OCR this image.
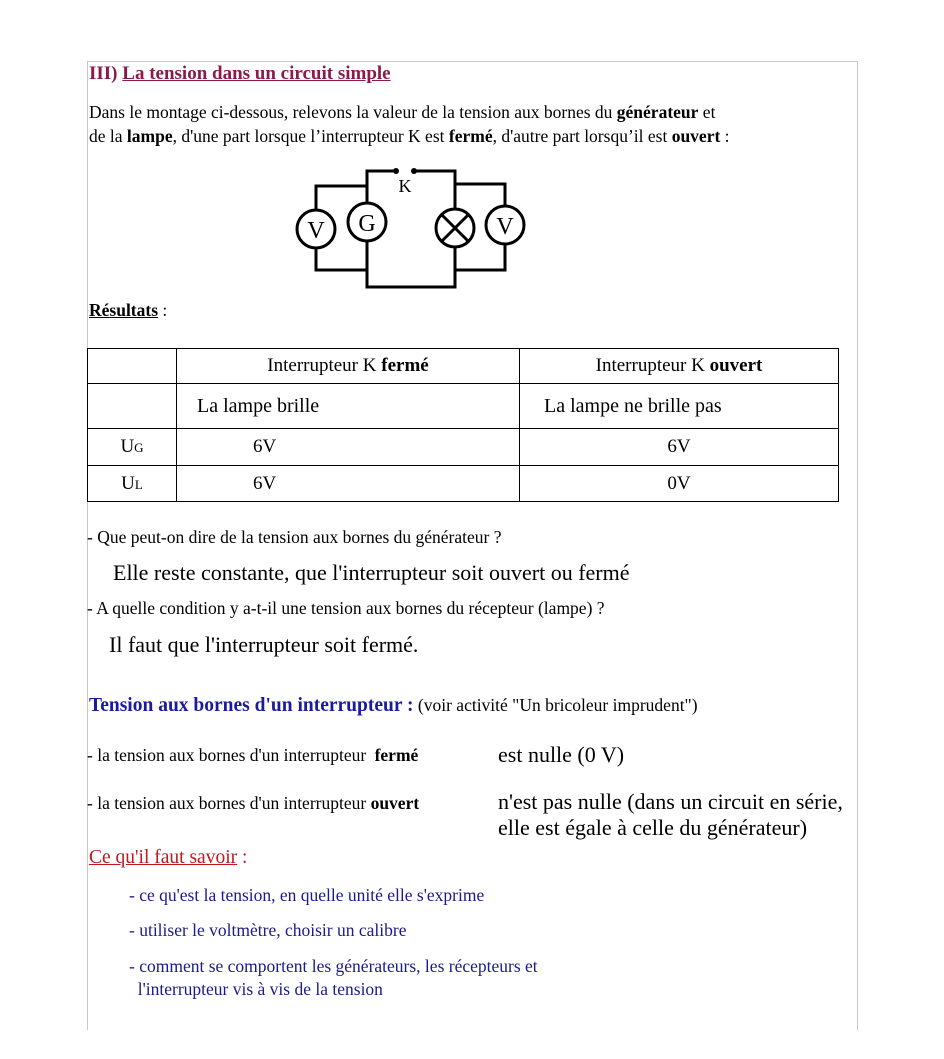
III) La tension dans un circuit simple
Dans le montage ci-dessous, relevons la valeur de la tension aux bornes du générateur et
de la lampe, d'une part lorsque l’interrupteur K est fermé, d'autre part lorsqu’il est ouvert :
K
V G	V
Résultats :
	Interrupteur K fermé	Interrupteur K ouvert
	La lampe brille	La lampe ne brille pas
UG	6V	6V
UL	6V	0V
- Que peut-on dire de la tension aux bornes du générateur ?
Elle reste constante, que l'interrupteur soit ouvert ou fermé
- A quelle condition y a-t-il une tension aux bornes du récepteur (lampe) ?
Il faut que l'interrupteur soit fermé.
Tension aux bornes d'un interrupteur : (voir activité "Un bricoleur imprudent")
- la tension aux bornes d'un interrupteur fermé	est nulle (0 V)
- la tension aux bornes d'un interrupteur ouvert	n'est pas nulle (dans un circuit en série,
elle est égale à celle du générateur)
Ce qu'il faut savoir :
- ce qu'est la tension, en quelle unité elle s'exprime
- utiliser le voltmètre, choisir un calibre
- comment se comportent les générateurs, les récepteurs et
l'interrupteur vis à vis de la tension
